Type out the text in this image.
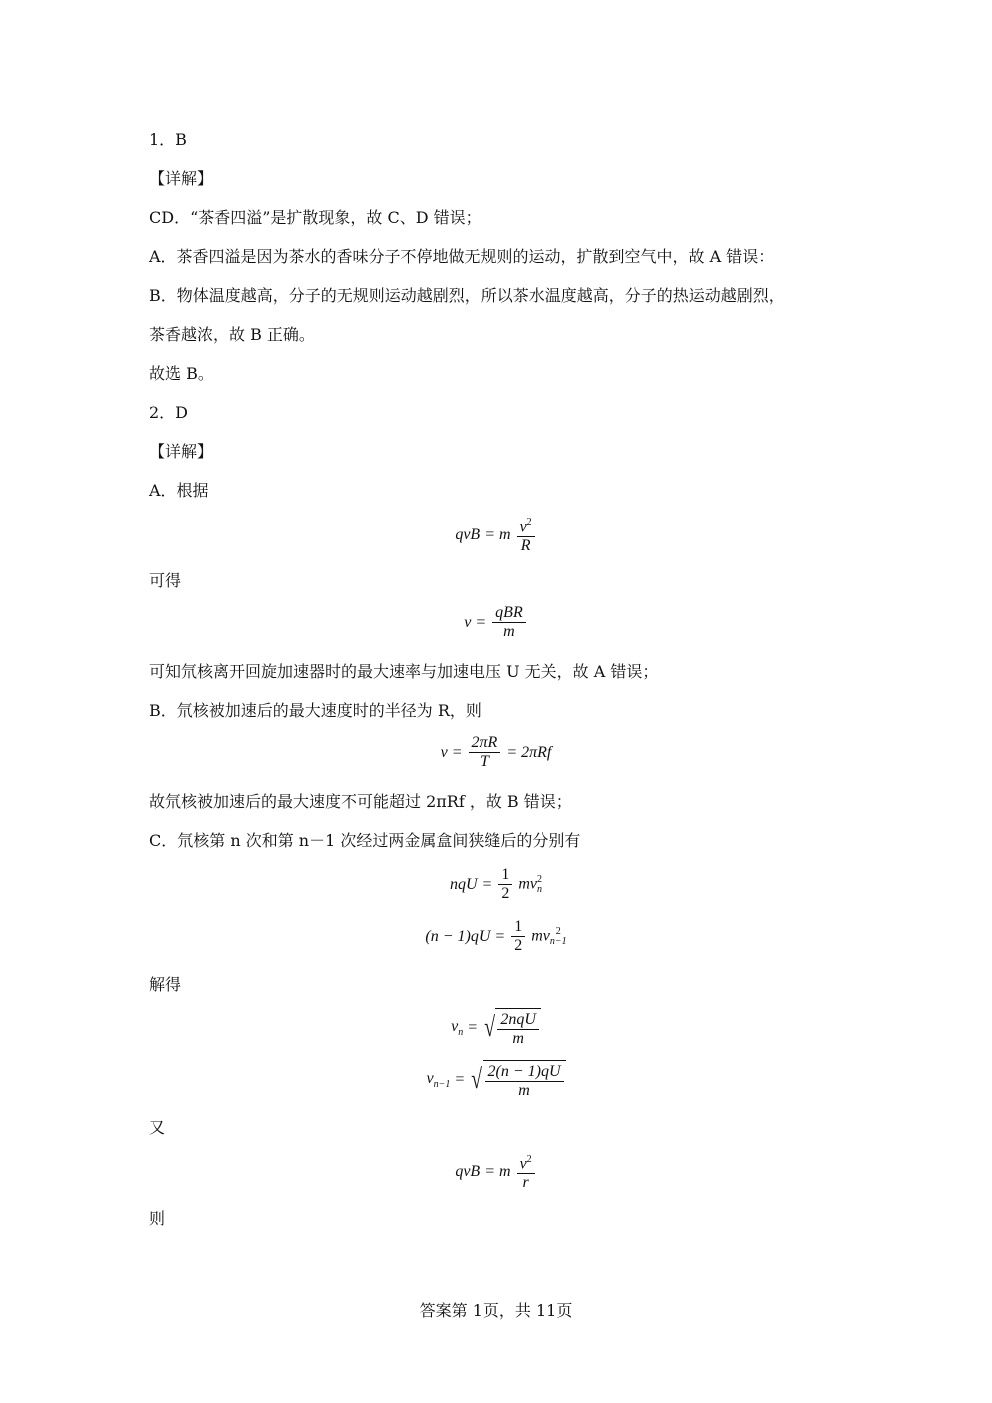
1．B
【详解】
CD．“茶香四溢”是扩散现象，故 C、D 错误；
A．茶香四溢是因为茶水的香味分子不停地做无规则的运动，扩散到空气中，故 A 错误：
B．物体温度越高，分子的无规则运动越剧烈，所以茶水温度越高，分子的热运动越剧烈，
茶香越浓，故 B 正确。
故选 B。
2．D
【详解】
A．根据
qvB = m $\frac{v^2}{R}$
可得
$v = \frac{\text{qBR}}{m}$
可知氘核离开回旋加速器时的最大速率与加速电压 U 无关，故 A 错误；
B．氘核被加速后的最大速度时的半径为 R，则
$v = \frac{2\pi R}{T} = 2\pi Rf$
故氘核被加速后的最大速度不可能超过 2πRf ，故 B 错误；
C．氘核第 n 次和第 n－1 次经过两金属盒间狭缝后的分别有
nqU = $\frac{1}{2}$ mv 2
n
$(n - 1)qU = \frac{1}{2}$ mv 2
n−1
解得
$v_n$ = √ $\frac{\text{2nqU}}{m}$
$v_{n-1}$ = √ $\frac{2(n - 1)qU}{m}$
又
qvB = m $\frac{v^2}{r}$
则
答案第 1页，共 11页
